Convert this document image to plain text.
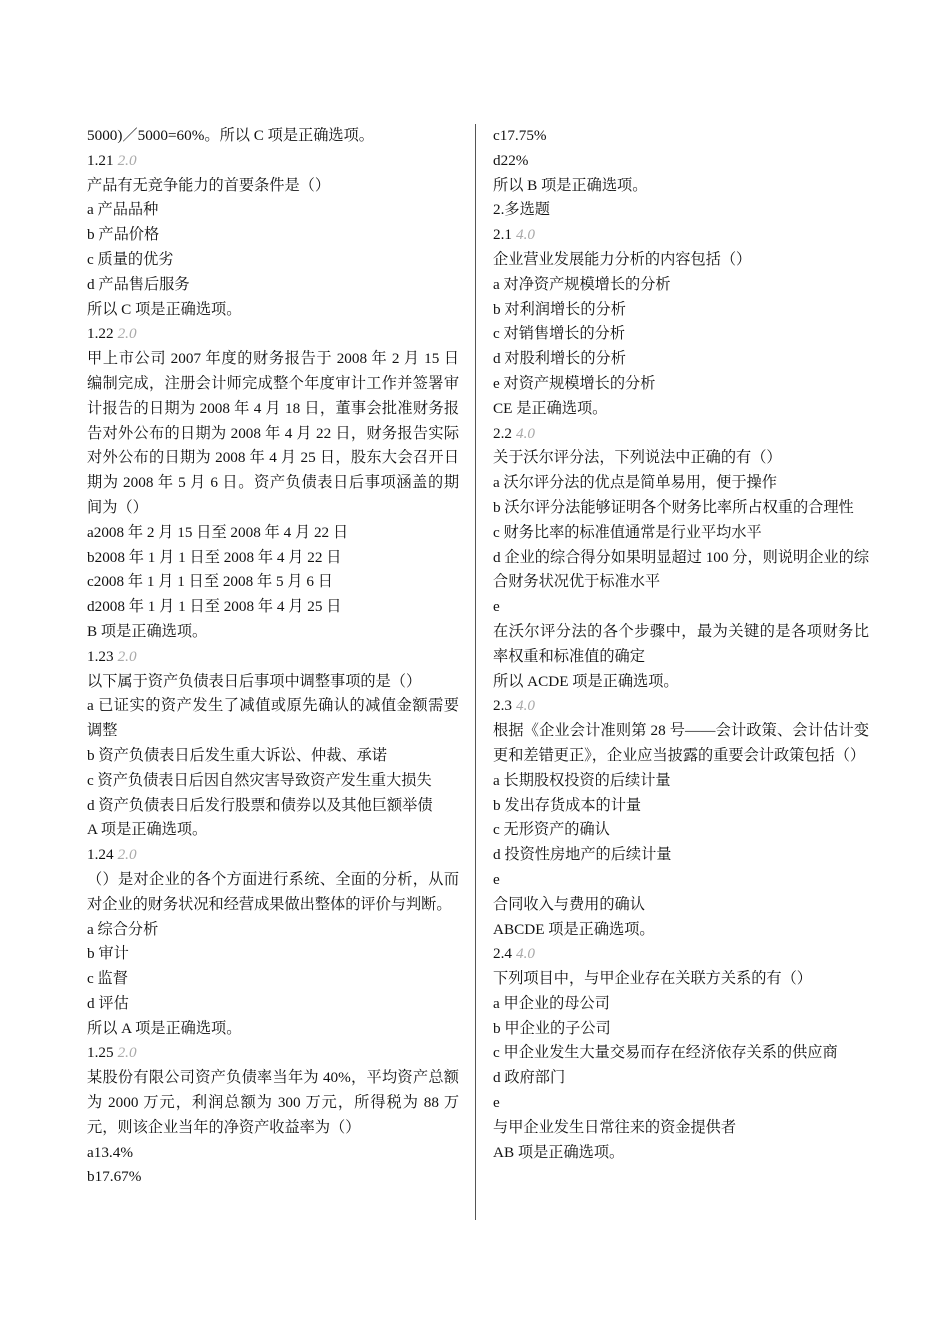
5000)／5000=60%。所以 C 项是正确选项。
1.21 2.0
产品有无竞争能力的首要条件是（）
a 产品品种
b 产品价格
c 质量的优劣
d 产品售后服务
所以 C 项是正确选项。
1.22 2.0
甲上市公司 2007 年度的财务报告于 2008 年 2 月 15 日编制完成，注册会计师完成整个年度审计工作并签署审计报告的日期为 2008 年 4 月 18 日，董事会批准财务报告对外公布的日期为 2008 年 4 月 22 日，财务报告实际对外公布的日期为 2008 年 4 月 25 日，股东大会召开日期为 2008 年 5 月 6 日。资产负债表日后事项涵盖的期间为（）
a2008 年 2 月 15 日至 2008 年 4 月 22 日
b2008 年 1 月 1 日至 2008 年 4 月 22 日
c2008 年 1 月 1 日至 2008 年 5 月 6 日
d2008 年 1 月 1 日至 2008 年 4 月 25 日
B 项是正确选项。
1.23 2.0
以下属于资产负债表日后事项中调整事项的是（）
a 已证实的资产发生了减值或原先确认的减值金额需要调整
b 资产负债表日后发生重大诉讼、仲裁、承诺
c 资产负债表日后因自然灾害导致资产发生重大损失
d 资产负债表日后发行股票和债券以及其他巨额举债
A 项是正确选项。
1.24 2.0
（）是对企业的各个方面进行系统、全面的分析，从而对企业的财务状况和经营成果做出整体的评价与判断。
a 综合分析
b 审计
c 监督
d 评估
所以 A 项是正确选项。
1.25 2.0
某股份有限公司资产负债率当年为 40%，平均资产总额为 2000 万元，利润总额为 300 万元，所得税为 88 万元，则该企业当年的净资产收益率为（）
a13.4%
b17.67%
c17.75%
d22%
所以 B 项是正确选项。
2.多选题
2.1 4.0
企业营业发展能力分析的内容包括（）
a 对净资产规模增长的分析
b 对利润增长的分析
c 对销售增长的分析
d 对股利增长的分析
e 对资产规模增长的分析
CE 是正确选项。
2.2 4.0
关于沃尔评分法，下列说法中正确的有（）
a 沃尔评分法的优点是简单易用，便于操作
b 沃尔评分法能够证明各个财务比率所占权重的合理性
c 财务比率的标准值通常是行业平均水平
d 企业的综合得分如果明显超过 100 分，则说明企业的综合财务状况优于标准水平
e
在沃尔评分法的各个步骤中，最为关键的是各项财务比率权重和标准值的确定
所以 ACDE 项是正确选项。
2.3 4.0
根据《企业会计准则第 28 号——会计政策、会计估计变更和差错更正》，企业应当披露的重要会计政策包括（）
a 长期股权投资的后续计量
b 发出存货成本的计量
c 无形资产的确认
d 投资性房地产的后续计量
e
合同收入与费用的确认
ABCDE 项是正确选项。
2.4 4.0
下列项目中，与甲企业存在关联方关系的有（）
a 甲企业的母公司
b 甲企业的子公司
c 甲企业发生大量交易而存在经济依存关系的供应商
d 政府部门
e
与甲企业发生日常往来的资金提供者
AB 项是正确选项。
